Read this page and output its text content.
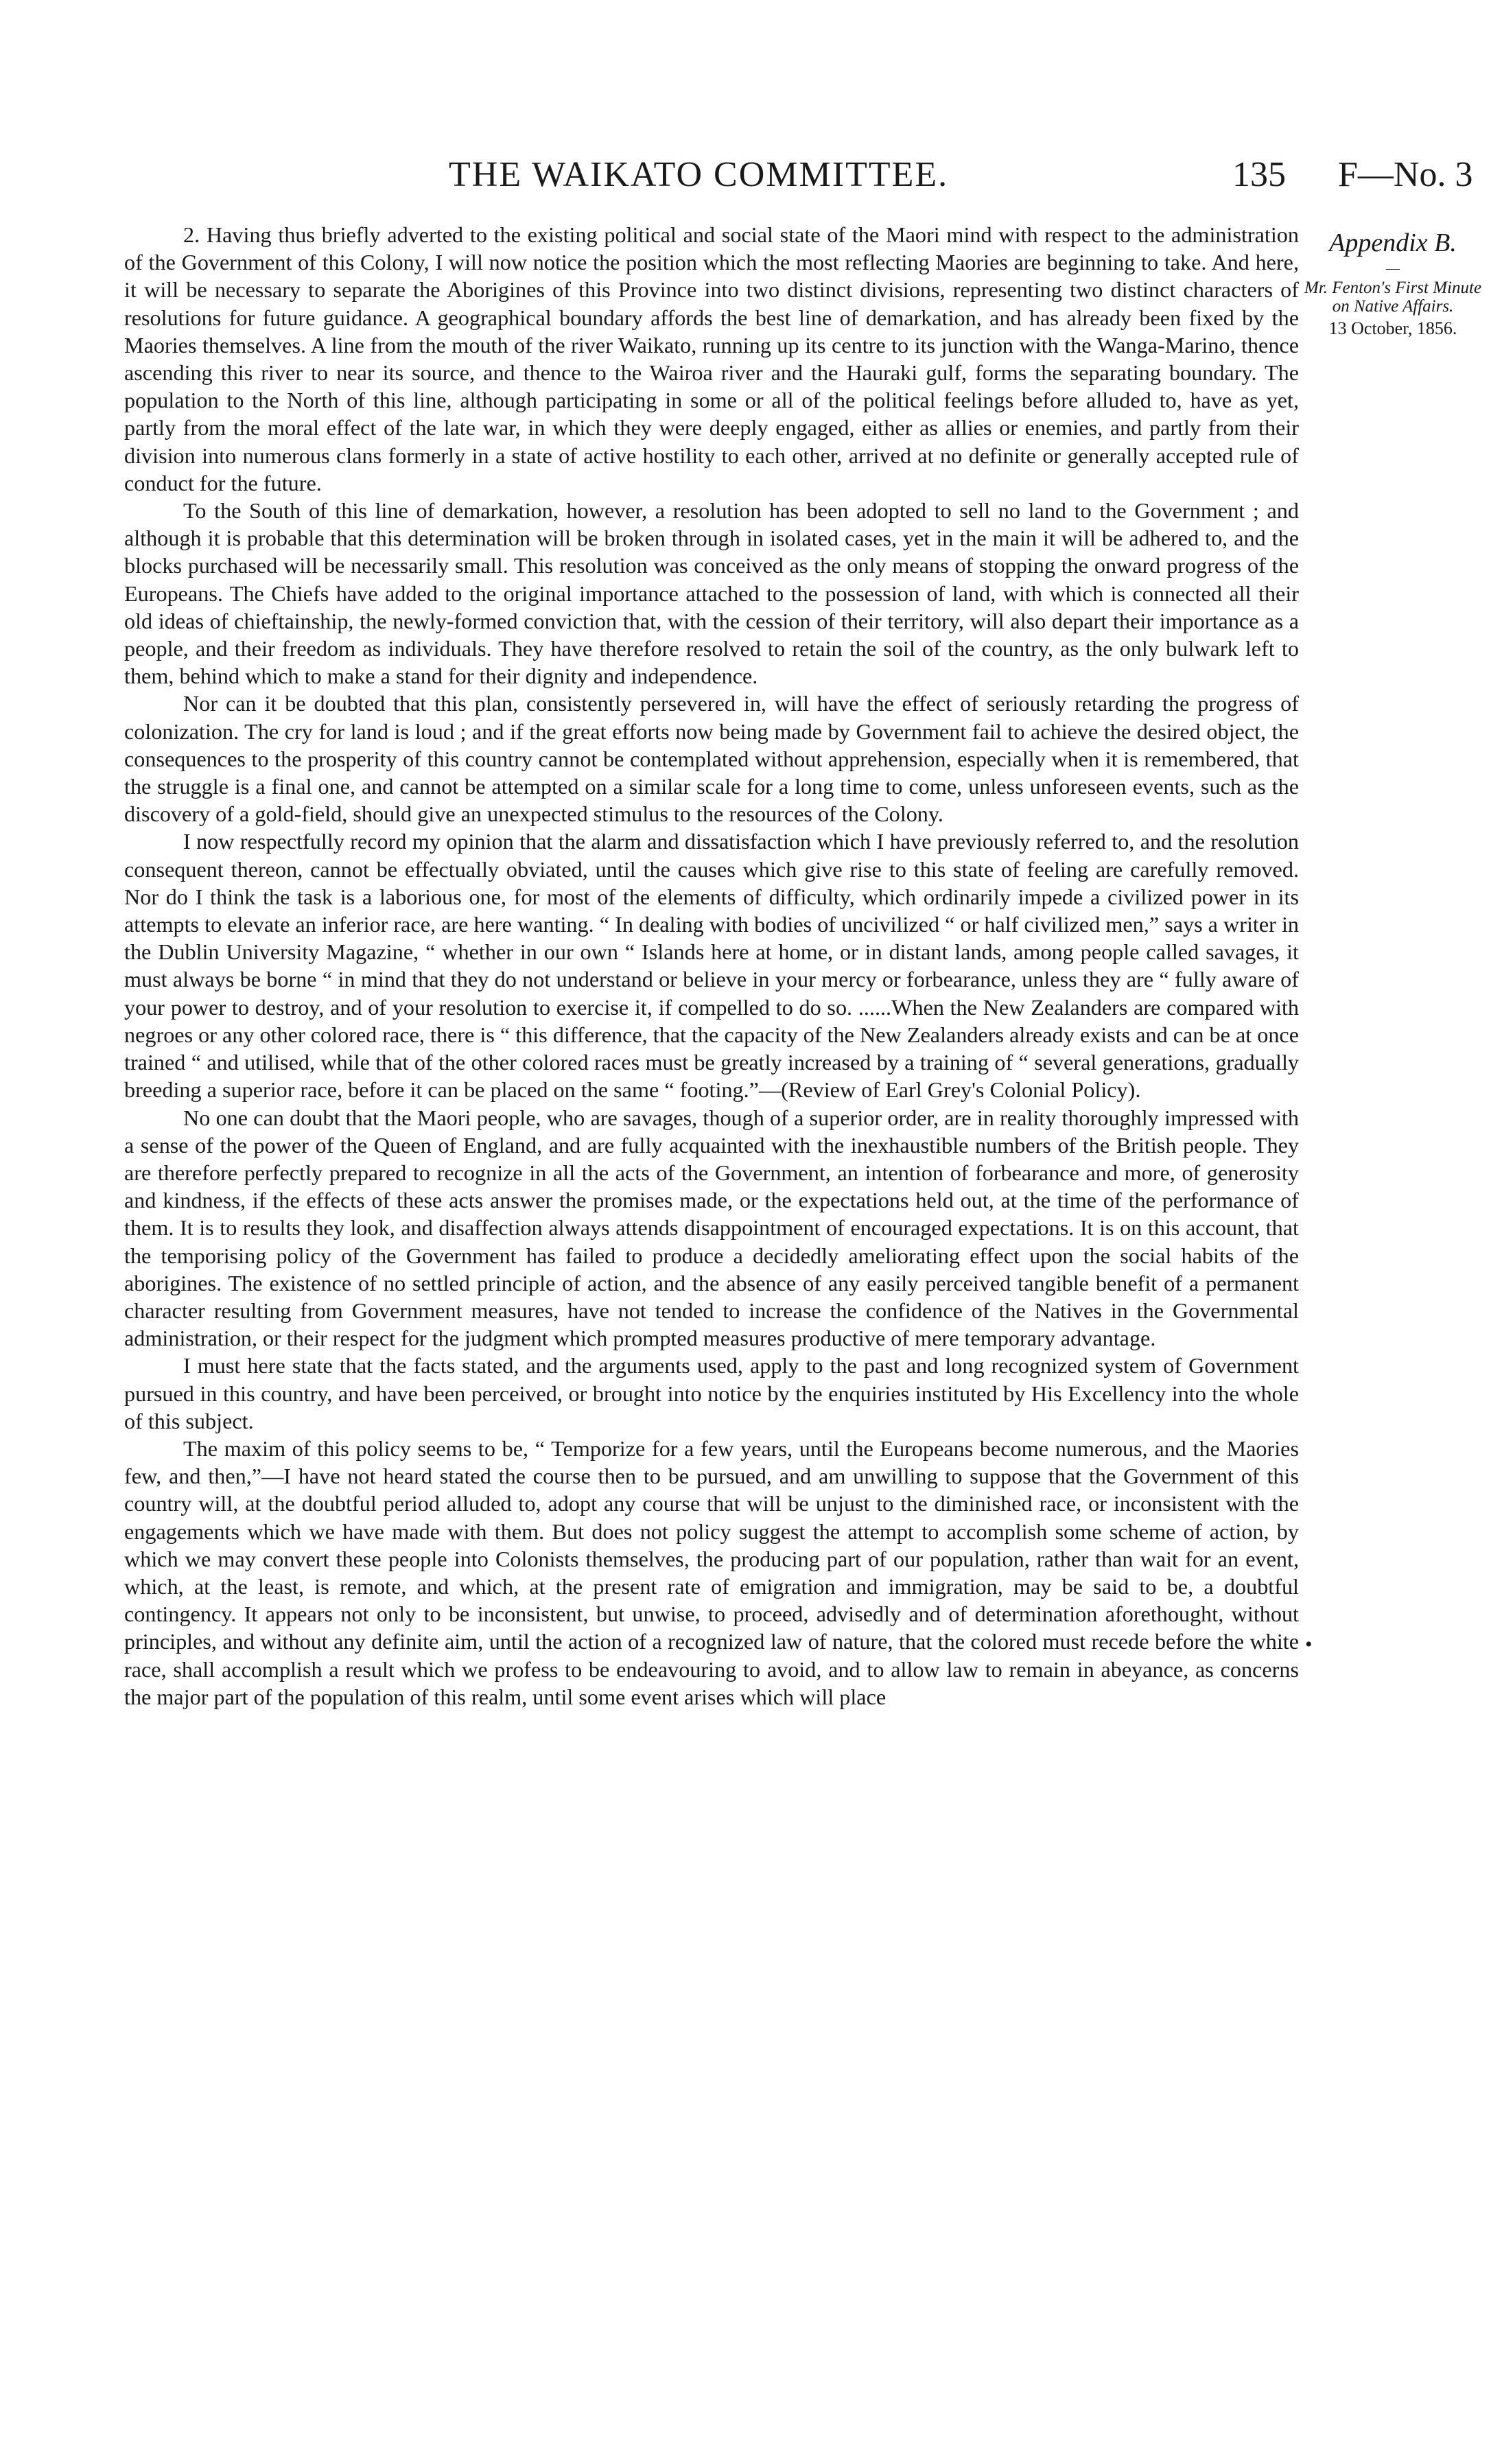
THE WAIKATO COMMITTEE.	135 F—No. 3
Appendix B.
—
Mr. Fenton's First Minute on Native Affairs.
13 October, 1856.

2. Having thus briefly adverted to the existing political and social state of the Maori mind with respect to the administration of the Government of this Colony, I will now notice the position which the most reflecting Maories are beginning to take. And here, it will be necessary to separate the Aborigines of this Province into two distinct divisions, representing two distinct characters of resolutions for future guidance. A geographical boundary affords the best line of demarkation, and has already been fixed by the Maories themselves. A line from the mouth of the river Waikato, running up its centre to its junction with the Wanga-Marino, thence ascending this river to near its source, and thence to the Wairoa river and the Hauraki gulf, forms the separating boundary. The population to the North of this line, although participating in some or all of the political feelings before alluded to, have as yet, partly from the moral effect of the late war, in which they were deeply engaged, either as allies or enemies, and partly from their division into numerous clans formerly in a state of active hostility to each other, arrived at no definite or generally accepted rule of conduct for the future.

To the South of this line of demarkation, however, a resolution has been adopted to sell no land to the Government ; and although it is probable that this determination will be broken through in isolated cases, yet in the main it will be adhered to, and the blocks purchased will be necessarily small. This resolution was conceived as the only means of stopping the onward progress of the Europeans. The Chiefs have added to the original importance attached to the possession of land, with which is connected all their old ideas of chieftainship, the newly-formed conviction that, with the cession of their territory, will also depart their importance as a people, and their freedom as individuals. They have therefore resolved to retain the soil of the country, as the only bulwark left to them, behind which to make a stand for their dignity and independence.

Nor can it be doubted that this plan, consistently persevered in, will have the effect of seriously retarding the progress of colonization. The cry for land is loud ; and if the great efforts now being made by Government fail to achieve the desired object, the consequences to the prosperity of this country cannot be contemplated without apprehension, especially when it is remembered, that the struggle is a final one, and cannot be attempted on a similar scale for a long time to come, unless unforeseen events, such as the discovery of a gold-field, should give an unexpected stimulus to the resources of the Colony.

I now respectfully record my opinion that the alarm and dissatisfaction which I have previously referred to, and the resolution consequent thereon, cannot be effectually obviated, until the causes which give rise to this state of feeling are carefully removed. Nor do I think the task is a laborious one, for most of the elements of difficulty, which ordinarily impede a civilized power in its attempts to elevate an inferior race, are here wanting. “ In dealing with bodies of uncivilized “ or half civilized men,” says a writer in the Dublin University Magazine, “ whether in our own “ Islands here at home, or in distant lands, among people called savages, it must always be borne “ in mind that they do not understand or believe in your mercy or forbearance, unless they are “ fully aware of your power to destroy, and of your resolution to exercise it, if compelled to do so. ......When the New Zealanders are compared with negroes or any other colored race, there is “ this difference, that the capacity of the New Zealanders already exists and can be at once trained “ and utilised, while that of the other colored races must be greatly increased by a training of “ several generations, gradually breeding a superior race, before it can be placed on the same “ footing.”—(Review of Earl Grey's Colonial Policy).

No one can doubt that the Maori people, who are savages, though of a superior order, are in reality thoroughly impressed with a sense of the power of the Queen of England, and are fully acquainted with the inexhaustible numbers of the British people. They are therefore perfectly prepared to recognize in all the acts of the Government, an intention of forbearance and more, of generosity and kindness, if the effects of these acts answer the promises made, or the expectations held out, at the time of the performance of them. It is to results they look, and disaffection always attends disappointment of encouraged expectations. It is on this account, that the temporising policy of the Government has failed to produce a decidedly ameliorating effect upon the social habits of the aborigines. The existence of no settled principle of action, and the absence of any easily perceived tangible benefit of a permanent character resulting from Government measures, have not tended to increase the confidence of the Natives in the Governmental administration, or their respect for the judgment which prompted measures productive of mere temporary advantage.

I must here state that the facts stated, and the arguments used, apply to the past and long recognized system of Government pursued in this country, and have been perceived, or brought into notice by the enquiries instituted by His Excellency into the whole of this subject.

The maxim of this policy seems to be, “ Temporize for a few years, until the Europeans become numerous, and the Maories few, and then,”—I have not heard stated the course then to be pursued, and am unwilling to suppose that the Government of this country will, at the doubtful period alluded to, adopt any course that will be unjust to the diminished race, or inconsistent with the engagements which we have made with them. But does not policy suggest the attempt to accomplish some scheme of action, by which we may convert these people into Colonists themselves, the producing part of our population, rather than wait for an event, which, at the least, is remote, and which, at the present rate of emigration and immigration, may be said to be, a doubtful contingency. It appears not only to be inconsistent, but unwise, to proceed, advisedly and of determination aforethought, without principles, and without any definite aim, until the action of a recognized law of nature, that the colored must recede before the white race, shall accomplish a result which we profess to be endeavouring to avoid, and to allow law to remain in abeyance, as concerns the major part of the population of this realm, until some event arises which will place

•
